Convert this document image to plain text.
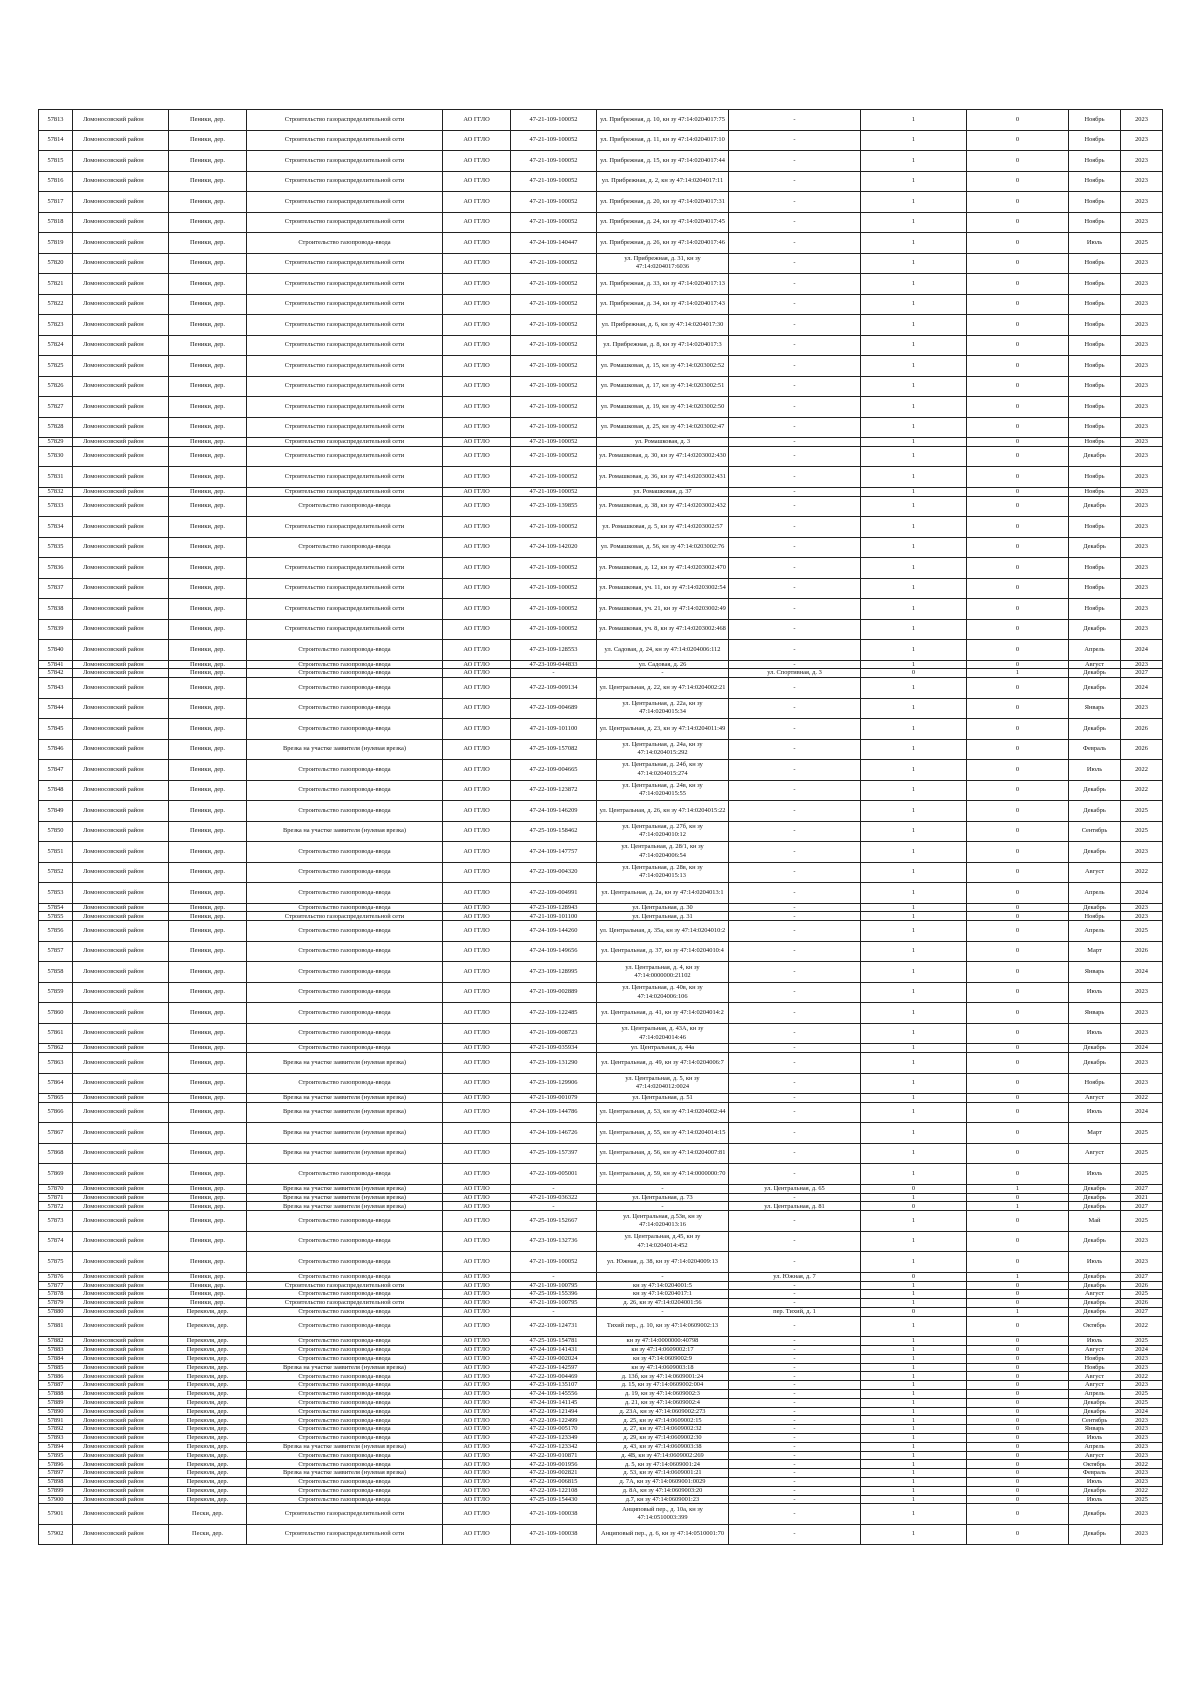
57813	Ломоносовский район	Пеники, дер.	Строительство газораспределительной сети	АО ГГЛО	47-21-109-100052	ул. Прибрежная, д. 10, кн зу 47:14:0204017:75	-	1	0	Ноябрь	2023
57814	Ломоносовский район	Пеники, дер.	Строительство газораспределительной сети	АО ГГЛО	47-21-109-100052	ул. Прибрежная, д. 11, кн зу 47:14:0204017:10	-	1	0	Ноябрь	2023
57815	Ломоносовский район	Пеники, дер.	Строительство газораспределительной сети	АО ГГЛО	47-21-109-100052	ул. Прибрежная, д. 15, кн зу 47:14:0204017:44	-	1	0	Ноябрь	2023
57816	Ломоносовский район	Пеники, дер.	Строительство газораспределительной сети	АО ГГЛО	47-21-109-100052	ул. Прибрежная, д. 2, кн зу 47:14:0204017:11	-	1	0	Ноябрь	2023
57817	Ломоносовский район	Пеники, дер.	Строительство газораспределительной сети	АО ГГЛО	47-21-109-100052	ул. Прибрежная, д. 20, кн зу 47:14:0204017:31	-	1	0	Ноябрь	2023
57818	Ломоносовский район	Пеники, дер.	Строительство газораспределительной сети	АО ГГЛО	47-21-109-100052	ул. Прибрежная, д. 24, кн зу 47:14:0204017:45	-	1	0	Ноябрь	2023
57819	Ломоносовский район	Пеники, дер.	Строительство газопровода-ввода	АО ГГЛО	47-24-109-140447	ул. Прибрежная, д. 26, кн зу 47:14:0204017:46	-	1	0	Июль	2025
57820	Ломоносовский район	Пеники, дер.	Строительство газораспределительной сети	АО ГГЛО	47-21-109-100052	ул. Прибрежная, д. 31, кн зу 47:14:0204017:6036	-	1	0	Ноябрь	2023
57821	Ломоносовский район	Пеники, дер.	Строительство газораспределительной сети	АО ГГЛО	47-21-109-100052	ул. Прибрежная, д. 33, кн зу 47:14:0204017:13	-	1	0	Ноябрь	2023
57822	Ломоносовский район	Пеники, дер.	Строительство газораспределительной сети	АО ГГЛО	47-21-109-100052	ул. Прибрежная, д. 34, кн зу 47:14:0204017:43	-	1	0	Ноябрь	2023
57823	Ломоносовский район	Пеники, дер.	Строительство газораспределительной сети	АО ГГЛО	47-21-109-100052	ул. Прибрежная, д. 6, кн зу 47:14:0204017:30	-	1	0	Ноябрь	2023
57824	Ломоносовский район	Пеники, дер.	Строительство газораспределительной сети	АО ГГЛО	47-21-109-100052	ул. Прибрежная, д. 8, кн зу 47:14:0204017:3	-	1	0	Ноябрь	2023
57825	Ломоносовский район	Пеники, дер.	Строительство газораспределительной сети	АО ГГЛО	47-21-109-100052	ул. Ромашковая, д. 15, кн зу 47:14:0203002:52	-	1	0	Ноябрь	2023
57826	Ломоносовский район	Пеники, дер.	Строительство газораспределительной сети	АО ГГЛО	47-21-109-100052	ул. Ромашковая, д. 17, кн зу 47:14:0203002:51	-	1	0	Ноябрь	2023
57827	Ломоносовский район	Пеники, дер.	Строительство газораспределительной сети	АО ГГЛО	47-21-109-100052	ул. Ромашковая, д. 19, кн зу 47:14:0203002:50	-	1	0	Ноябрь	2023
57828	Ломоносовский район	Пеники, дер.	Строительство газораспределительной сети	АО ГГЛО	47-21-109-100052	ул. Ромашковая, д. 25, кн зу 47:14:0203002:47	-	1	0	Ноябрь	2023
57829	Ломоносовский район	Пеники, дер.	Строительство газораспределительной сети	АО ГГЛО	47-21-109-100052	ул. Ромашковая, д. 3	-	1	0	Ноябрь	2023
57830	Ломоносовский район	Пеники, дер.	Строительство газораспределительной сети	АО ГГЛО	47-21-109-100052	ул. Ромашковая, д. 30, кн зу 47:14:0203002:430	-	1	0	Декабрь	2023
57831	Ломоносовский район	Пеники, дер.	Строительство газораспределительной сети	АО ГГЛО	47-21-109-100052	ул. Ромашковая, д. 36, кн зу 47:14:0203002:431	-	1	0	Ноябрь	2023
57832	Ломоносовский район	Пеники, дер.	Строительство газораспределительной сети	АО ГГЛО	47-21-109-100052	ул. Ромашковая, д. 37	-	1	0	Ноябрь	2023
57833	Ломоносовский район	Пеники, дер.	Строительство газопровода-ввода	АО ГГЛО	47-23-109-139855	ул. Ромашковая, д. 38, кн зу 47:14:0203002:432	-	1	0	Декабрь	2023
57834	Ломоносовский район	Пеники, дер.	Строительство газораспределительной сети	АО ГГЛО	47-21-109-100052	ул. Ромашковая, д. 5, кн зу 47:14:0203002:57	-	1	0	Ноябрь	2023
57835	Ломоносовский район	Пеники, дер.	Строительство газопровода-ввода	АО ГГЛО	47-24-109-142020	ул. Ромашковая, д. 56, кн зу 47:14:0203002:76	-	1	0	Декабрь	2023
57836	Ломоносовский район	Пеники, дер.	Строительство газораспределительной сети	АО ГГЛО	47-21-109-100052	ул. Ромашковая, д. 12, кн зу 47:14:0203002:470	-	1	0	Ноябрь	2023
57837	Ломоносовский район	Пеники, дер.	Строительство газораспределительной сети	АО ГГЛО	47-21-109-100052	ул. Ромашковая, уч. 11, кн зу 47:14:0203002:54	-	1	0	Ноябрь	2023
57838	Ломоносовский район	Пеники, дер.	Строительство газораспределительной сети	АО ГГЛО	47-21-109-100052	ул. Ромашковая, уч. 21, кн зу 47:14:0203002:49	-	1	0	Ноябрь	2023
57839	Ломоносовский район	Пеники, дер.	Строительство газораспределительной сети	АО ГГЛО	47-21-109-100052	ул. Ромашковая, уч. 8, кн зу 47:14:0203002:468	-	1	0	Декабрь	2023
57840	Ломоносовский район	Пеники, дер.	Строительство газопровода-ввода	АО ГГЛО	47-23-109-128553	ул. Садовая, д. 24, кн зу 47:14:0204006:112	-	1	0	Апрель	2024
57841	Ломоносовский район	Пеники, дер.	Строительство газопровода-ввода	АО ГГЛО	47-23-109-044833	ул. Садовая, д. 26	-	1	0	Август	2023
57842	Ломоносовский район	Пеники, дер.	Строительство газопровода-ввода	АО ГГЛО	-	-	ул. Спортивная, д. 3	0	1	Декабрь	2027
57843	Ломоносовский район	Пеники, дер.	Строительство газопровода-ввода	АО ГГЛО	47-22-109-009134	ул. Центральная, д. 22, кн зу 47:14:0204002:21	-	1	0	Декабрь	2024
57844	Ломоносовский район	Пеники, дер.	Строительство газопровода-ввода	АО ГГЛО	47-22-109-004689	ул. Центральная, д. 22а, кн зу 47:14:0204015:34	-	1	0	Январь	2023
57845	Ломоносовский район	Пеники, дер.	Строительство газопровода-ввода	АО ГГЛО	47-21-109-101100	ул. Центральная, д. 23, кн зу 47:14:0204011:49	-	1	0	Декабрь	2026
57846	Ломоносовский район	Пеники, дер.	Врезка на участке заявителя (нулевая врезка)	АО ГГЛО	47-25-109-157082	ул. Центральная, д. 24а, кн зу 47:14:0204015:292	-	1	0	Февраль	2026
57847	Ломоносовский район	Пеники, дер.	Строительство газопровода-ввода	АО ГГЛО	47-22-109-004665	ул. Центральная, д. 24б, кн зу 47:14:0204015:274	-	1	0	Июль	2022
57848	Ломоносовский район	Пеники, дер.	Строительство газопровода-ввода	АО ГГЛО	47-22-109-123872	ул. Центральная, д. 24в, кн зу 47:14:0204015:55	-	1	0	Декабрь	2022
57849	Ломоносовский район	Пеники, дер.	Строительство газопровода-ввода	АО ГГЛО	47-24-109-146209	ул. Центральная, д. 26, кн зу 47:14:0204015:22	-	1	0	Декабрь	2025
57850	Ломоносовский район	Пеники, дер.	Врезка на участке заявителя (нулевая врезка)	АО ГГЛО	47-25-109-158462	ул. Центральная, д. 27б, кн зу 47:14:0204010:12	-	1	0	Сентябрь	2025
57851	Ломоносовский район	Пеники, дер.	Строительство газопровода-ввода	АО ГГЛО	47-24-109-147757	ул. Центральная, д. 28/1, кн зу 47:14:0204006:54	-	1	0	Декабрь	2023
57852	Ломоносовский район	Пеники, дер.	Строительство газопровода-ввода	АО ГГЛО	47-22-109-004320	ул. Центральная, д. 28в, кн зу 47:14:0204015:13	-	1	0	Август	2022
57853	Ломоносовский район	Пеники, дер.	Строительство газопровода-ввода	АО ГГЛО	47-22-109-004991	ул. Центральная, д. 2а, кн зу 47:14:0204013:1	-	1	0	Апрель	2024
57854	Ломоносовский район	Пеники, дер.	Строительство газопровода-ввода	АО ГГЛО	47-23-109-128943	ул. Центральная, д. 30	-	1	0	Декабрь	2023
57855	Ломоносовский район	Пеники, дер.	Строительство газораспределительной сети	АО ГГЛО	47-21-109-101100	ул. Центральная, д. 31	-	1	0	Ноябрь	2023
57856	Ломоносовский район	Пеники, дер.	Строительство газопровода-ввода	АО ГГЛО	47-24-109-144260	ул. Центральная, д. 35а, кн зу 47:14:0204010:2	-	1	0	Апрель	2025
57857	Ломоносовский район	Пеники, дер.	Строительство газопровода-ввода	АО ГГЛО	47-24-109-149656	ул. Центральная, д. 37, кн зу 47:14:0204010:4	-	1	0	Март	2026
57858	Ломоносовский район	Пеники, дер.	Строительство газопровода-ввода	АО ГГЛО	47-23-109-128995	ул. Центральная, д. 4, кн зу 47:14:0000000:21102	-	1	0	Январь	2024
57859	Ломоносовский район	Пеники, дер.	Строительство газопровода-ввода	АО ГГЛО	47-21-109-002889	ул. Центральная, д. 40в, кн зу 47:14:0204006:106	-	1	0	Июль	2023
57860	Ломоносовский район	Пеники, дер.	Строительство газопровода-ввода	АО ГГЛО	47-22-109-122485	ул. Центральная, д. 41, кн зу 47:14:0204014:2	-	1	0	Январь	2023
57861	Ломоносовский район	Пеники, дер.	Строительство газопровода-ввода	АО ГГЛО	47-21-109-008723	ул. Центральная, д. 43А, кн зу 47:14:0204014:46	-	1	0	Июль	2023
57862	Ломоносовский район	Пеники, дер.	Строительство газопровода-ввода	АО ГГЛО	47-21-109-035934	ул. Центральная, д. 44а	-	1	0	Декабрь	2024
57863	Ломоносовский район	Пеники, дер.	Врезка на участке заявителя (нулевая врезка)	АО ГГЛО	47-23-109-131290	ул. Центральная, д. 49, кн зу 47:14:0204006:7	-	1	0	Декабрь	2023
57864	Ломоносовский район	Пеники, дер.	Строительство газопровода-ввода	АО ГГЛО	47-23-109-129906	ул. Центральная, д. 5, кн зу 47:14:0204012:0024	-	1	0	Ноябрь	2023
57865	Ломоносовский район	Пеники, дер.	Врезка на участке заявителя (нулевая врезка)	АО ГГЛО	47-21-109-001079	ул. Центральная, д. 51	-	1	0	Август	2022
57866	Ломоносовский район	Пеники, дер.	Врезка на участке заявителя (нулевая врезка)	АО ГГЛО	47-24-109-144786	ул. Центральная, д. 53, кн зу 47:14:0204002:44	-	1	0	Июль	2024
57867	Ломоносовский район	Пеники, дер.	Врезка на участке заявителя (нулевая врезка)	АО ГГЛО	47-24-109-146726	ул. Центральная, д. 55, кн зу 47:14:0204014:15	-	1	0	Март	2025
57868	Ломоносовский район	Пеники, дер.	Врезка на участке заявителя (нулевая врезка)	АО ГГЛО	47-25-109-157397	ул. Центральная, д. 56, кн зу 47:14:0204007:81	-	1	0	Август	2025
57869	Ломоносовский район	Пеники, дер.	Строительство газопровода-ввода	АО ГГЛО	47-22-109-005001	ул. Центральная, д. 59, кн зу 47:14:0000000:70	-	1	0	Июль	2025
57870	Ломоносовский район	Пеники, дер.	Врезка на участке заявителя (нулевая врезка)	АО ГГЛО	-	-	ул. Центральная, д. 65	0	1	Декабрь	2027
57871	Ломоносовский район	Пеники, дер.	Врезка на участке заявителя (нулевая врезка)	АО ГГЛО	47-21-109-036322	ул. Центральная, д. 73	-	1	0	Декабрь	2021
57872	Ломоносовский район	Пеники, дер.	Врезка на участке заявителя (нулевая врезка)	АО ГГЛО	-	-	ул. Центральная, д. 81	0	1	Декабрь	2027
57873	Ломоносовский район	Пеники, дер.	Строительство газопровода-ввода	АО ГГЛО	47-25-109-152667	ул. Центральная, д.53в, кн зу 47:14:0204013:16	-	1	0	Май	2025
57874	Ломоносовский район	Пеники, дер.	Строительство газопровода-ввода	АО ГГЛО	47-23-109-132736	ул. Центральная, д.45, кн зу 47:14:0204014:452	-	1	0	Декабрь	2023
57875	Ломоносовский район	Пеники, дер.	Строительство газопровода-ввода	АО ГГЛО	47-21-109-100052	ул. Южная, д. 38, кн зу 47:14:0204009:13	-	1	0	Июль	2023
57876	Ломоносовский район	Пеники, дер.	Строительство газопровода-ввода	АО ГГЛО	-	-	ул. Южная, д. 7	0	1	Декабрь	2027
57877	Ломоносовский район	Пеники, дер.	Строительство газораспределительной сети	АО ГГЛО	47-21-109-100795	кн зу 47:14:0204001:5	-	1	0	Декабрь	2026
57878	Ломоносовский район	Пеники, дер.	Строительство газопровода-ввода	АО ГГЛО	47-25-109-155396	кн зу 47:14:0204017:1	-	1	0	Август	2025
57879	Ломоносовский район	Пеники, дер.	Строительство газораспределительной сети	АО ГГЛО	47-21-109-100795	д. 26, кн зу 47:14:0204001:56	-	1	0	Декабрь	2026
57880	Ломоносовский район	Перекюля, дер.	Строительство газопровода-ввода	АО ГГЛО	-	-	пер. Тихий, д. 1	0	1	Декабрь	2027
57881	Ломоносовский район	Перекюля, дер.	Строительство газопровода-ввода	АО ГГЛО	47-22-109-124731	Тихий пер., д. 10, кн зу 47:14:0609002:13	-	1	0	Октябрь	2022
57882	Ломоносовский район	Перекюля, дер.	Строительство газопровода-ввода	АО ГГЛО	47-25-109-154781	кн зу 47:14:0000000:40798	-	1	0	Июль	2025
57883	Ломоносовский район	Перекюля, дер.	Строительство газопровода-ввода	АО ГГЛО	47-24-109-141431	кн зу 47:14:0609002:17	-	1	0	Август	2024
57884	Ломоносовский район	Перекюля, дер.	Строительство газопровода-ввода	АО ГГЛО	47-22-109-002024	кн зу 47:14:0609002:9	-	1	0	Ноябрь	2023
57885	Ломоносовский район	Перекюля, дер.	Врезка на участке заявителя (нулевая врезка)	АО ГГЛО	47-22-109-142597	кн зу 47:14:0609003:18	-	1	0	Ноябрь	2023
57886	Ломоносовский район	Перекюля, дер.	Строительство газопровода-ввода	АО ГГЛО	47-22-109-004469	д. 13б, кн зу 47:14:0609001:24	-	1	0	Август	2022
57887	Ломоносовский район	Перекюля, дер.	Строительство газопровода-ввода	АО ГГЛО	47-23-109-135107	д. 15, кн зу 47:14:0609002:004	-	1	0	Август	2023
57888	Ломоносовский район	Перекюля, дер.	Строительство газопровода-ввода	АО ГГЛО	47-24-109-145556	д. 19, кн зу 47:14:0609002:3	-	1	0	Апрель	2025
57889	Ломоносовский район	Перекюля, дер.	Строительство газопровода-ввода	АО ГГЛО	47-24-109-141145	д. 21, кн зу 47:14:0609002:4	-	1	0	Декабрь	2025
57890	Ломоносовский район	Перекюля, дер.	Строительство газопровода-ввода	АО ГГЛО	47-22-109-121494	д. 23А, кн зу 47:14:0609002:273	-	1	0	Декабрь	2024
57891	Ломоносовский район	Перекюля, дер.	Строительство газопровода-ввода	АО ГГЛО	47-22-109-122499	д. 25, кн зу 47:14:0609002:15	-	1	0	Сентябрь	2023
57892	Ломоносовский район	Перекюля, дер.	Строительство газопровода-ввода	АО ГГЛО	47-22-109-005170	д. 27, кн зу 47:14:0609002:32	-	1	0	Январь	2023
57893	Ломоносовский район	Перекюля, дер.	Строительство газопровода-ввода	АО ГГЛО	47-22-109-123349	д. 29, кн зу 47:14:0609002:30	-	1	0	Июль	2023
57894	Ломоносовский район	Перекюля, дер.	Врезка на участке заявителя (нулевая врезка)	АО ГГЛО	47-22-109-123342	д. 43, кн зу 47:14:0609003:38	-	1	0	Апрель	2023
57895	Ломоносовский район	Перекюля, дер.	Строительство газопровода-ввода	АО ГГЛО	47-22-109-010871	д. 4В, кн зу 47:14:0609002:269	-	1	0	Август	2023
57896	Ломоносовский район	Перекюля, дер.	Строительство газопровода-ввода	АО ГГЛО	47-22-109-001956	д. 5, кн зу 47:14:0609001:24	-	1	0	Октябрь	2022
57897	Ломоносовский район	Перекюля, дер.	Врезка на участке заявителя (нулевая врезка)	АО ГГЛО	47-22-109-002821	д. 53, кн зу 47:14:0609001:21	-	1	0	Февраль	2023
57898	Ломоносовский район	Перекюля, дер.	Строительство газопровода-ввода	АО ГГЛО	47-22-109-006815	д. 7А, кн зу 47:14:0609001:0029	-	1	0	Июль	2023
57899	Ломоносовский район	Перекюля, дер.	Строительство газопровода-ввода	АО ГГЛО	47-22-109-122108	д. 8А, кн зу 47:14:0609003:20	-	1	0	Декабрь	2022
57900	Ломоносовский район	Перекюля, дер.	Строительство газопровода-ввода	АО ГГЛО	47-25-109-154430	д.7, кн зу 47:14:0609001:23	-	1	0	Июль	2025
57901	Ломоносовский район	Пески, дер.	Строительство газораспределительной сети	АО ГГЛО	47-21-109-100038	Анциповый пер., д. 10а, кн зу 47:14:0510003:399	-	1	0	Декабрь	2023
57902	Ломоносовский район	Пески, дер.	Строительство газораспределительной сети	АО ГГЛО	47-21-109-100038	Анциповый пер., д. 6, кн зу 47:14:0510001:70	-	1	0	Декабрь	2023
